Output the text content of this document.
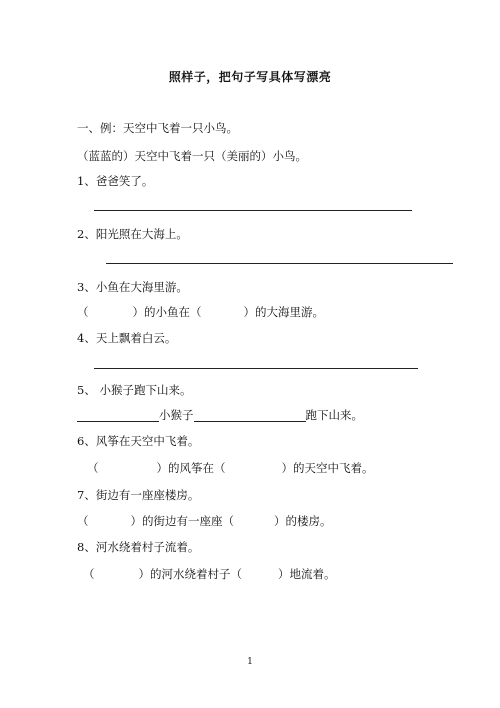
照样子，把句子写具体写漂亮
一、例：天空中飞着一只小鸟。
（蓝蓝的）天空中飞着一只（美丽的）小鸟。
1、爸爸笑了。
2、阳光照在大海上。
3、小鱼在大海里游。
（	）的小鱼在（	）的大海里游。
4、天上飘着白云。
5、 小猴子跑下山来。
小猴子	跑下山来。
6、风筝在天空中飞着。
（	）的风筝在（	）的天空中飞着。
7、街边有一座座楼房。
（	）的街边有一座座（	）的楼房。
8、河水绕着村子流着。
（	）的河水绕着村子（	）地流着。
1
